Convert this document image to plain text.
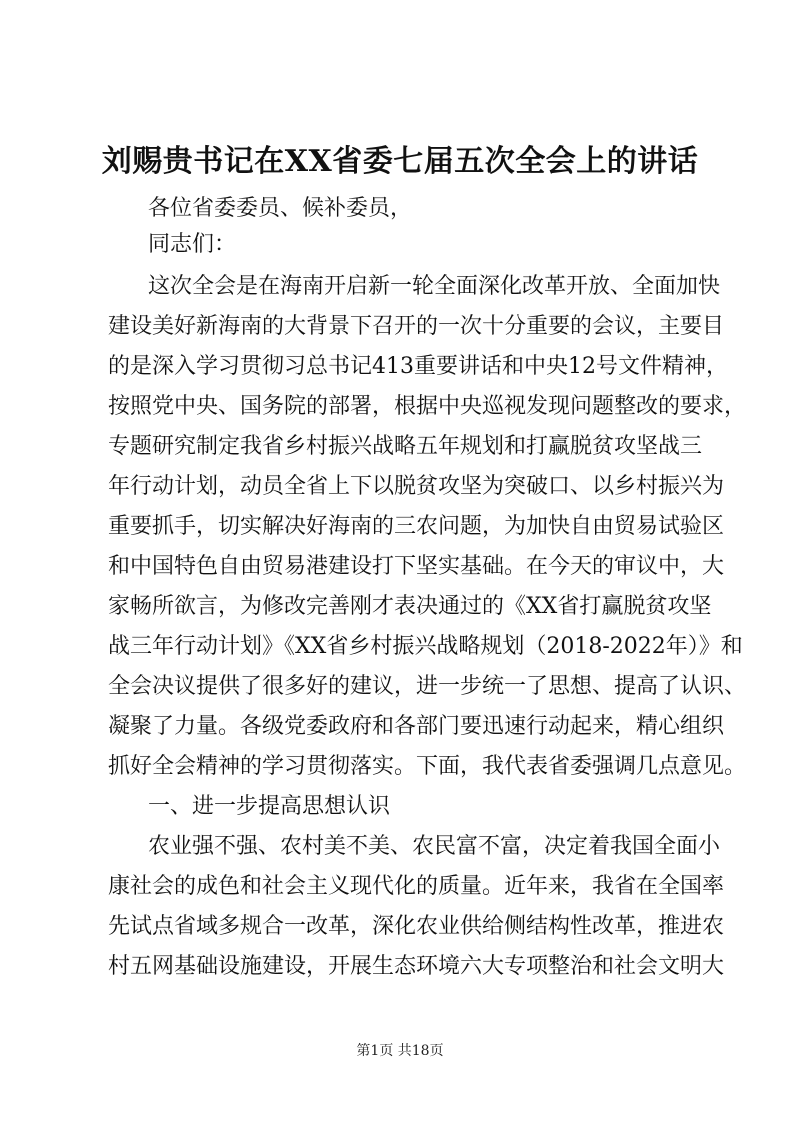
刘赐贵书记在XX省委七届五次全会上的讲话
各位省委委员、候补委员，
同志们：
这次全会是在海南开启新一轮全面深化改革开放、全面加快
建设美好新海南的大背景下召开的一次十分重要的会议，主要目
的是深入学习贯彻习总书记413重要讲话和中央12号文件精神，
按照党中央、国务院的部署，根据中央巡视发现问题整改的要求，
专题研究制定我省乡村振兴战略五年规划和打赢脱贫攻坚战三
年行动计划，动员全省上下以脱贫攻坚为突破口、以乡村振兴为
重要抓手，切实解决好海南的三农问题，为加快自由贸易试验区
和中国特色自由贸易港建设打下坚实基础。在今天的审议中，大
家畅所欲言，为修改完善刚才表决通过的《XX省打赢脱贫攻坚
战三年行动计划》《XX省乡村振兴战略规划（2018-2022年）》和
全会决议提供了很多好的建议，进一步统一了思想、提高了认识、
凝聚了力量。各级党委政府和各部门要迅速行动起来，精心组织
抓好全会精神的学习贯彻落实。下面，我代表省委强调几点意见。
一、进一步提高思想认识
农业强不强、农村美不美、农民富不富，决定着我国全面小
康社会的成色和社会主义现代化的质量。近年来，我省在全国率
先试点省域多规合一改革，深化农业供给侧结构性改革，推进农
村五网基础设施建设，开展生态环境六大专项整治和社会文明大
第1页 共18页
